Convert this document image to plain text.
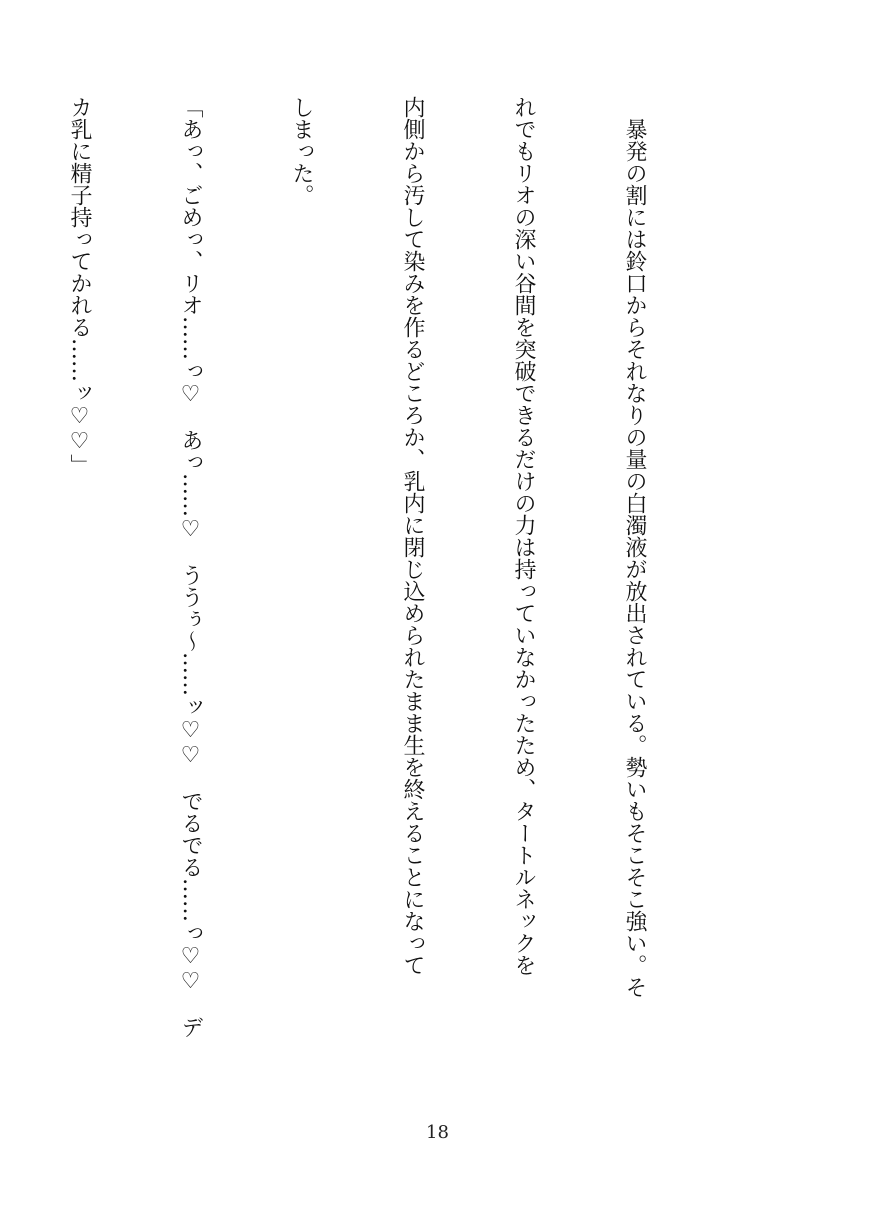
　暴発の割には鈴口からそれなりの量の白濁液が放出されている。勢いもそこそこ強い。そ

れでもリオの深い谷間を突破できるだけの力は持っていなかったため、タートルネックを

内側から汚して染みを作るどころか、乳内に閉じ込められたまま生を終えることになって

しまった。

「あっ、ごめっ、リオ……っ♡　あっ……♡　ううぅ〜……ッ♡♡　でるでる……っ♡♡　デ

カ乳に精子持ってかれる……ッ♡♡」

18
